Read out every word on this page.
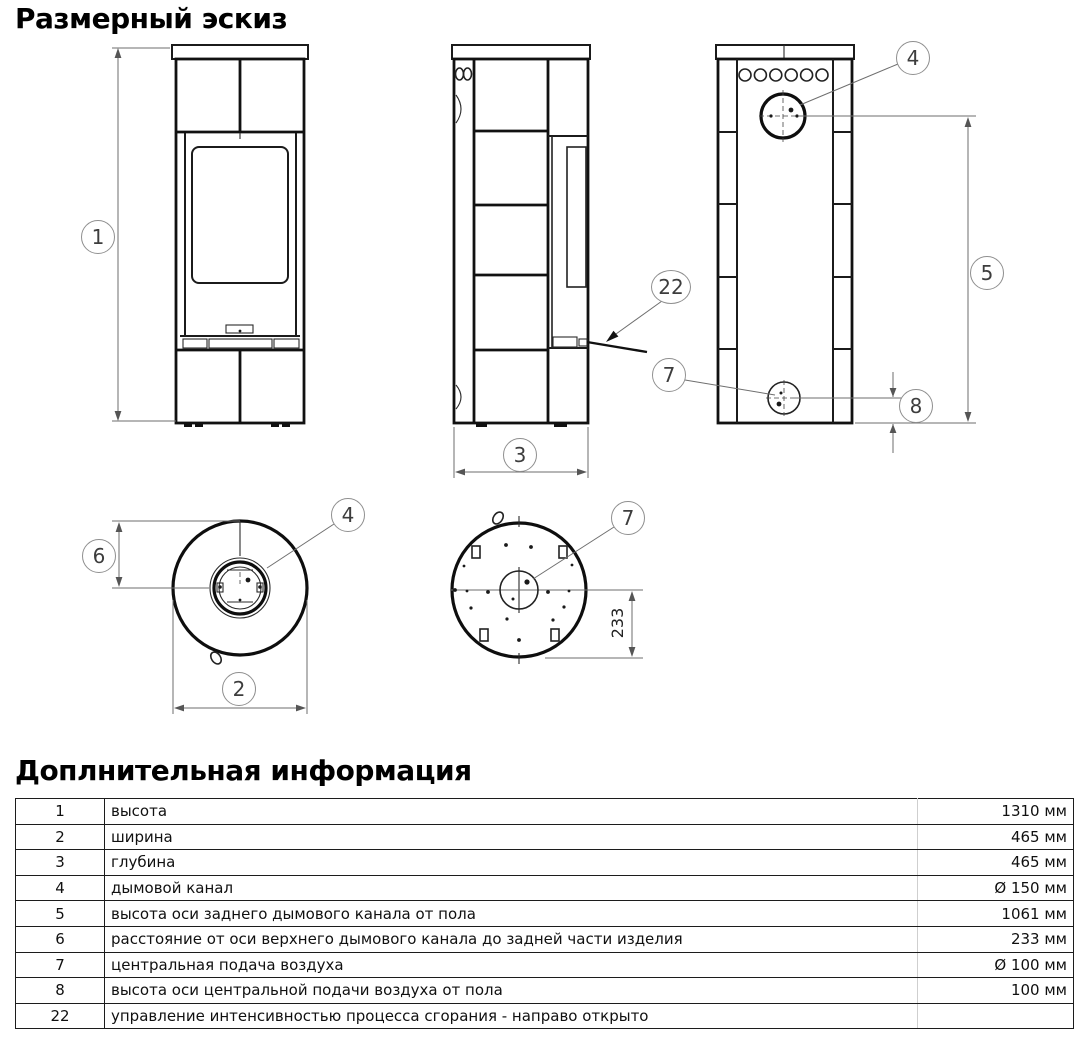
Размерный эскиз
1
2
3
4
4
5
6
7
7
8
22
233
Доплнительная информация
1	высота	1310 мм
2	ширина	465 мм
3	глубина	465 мм
4	дымовой канал	Ø 150 мм
5	высота оси заднего дымового канала от пола	1061 мм
6	расстояние от оси верхнего дымового канала до задней части изделия	233 мм
7	центральная подача воздуха	Ø 100 мм
8	высота оси центральной подачи воздуха от пола	100 мм
22	управление интенсивностью процесса сгорания - направо открыто	
